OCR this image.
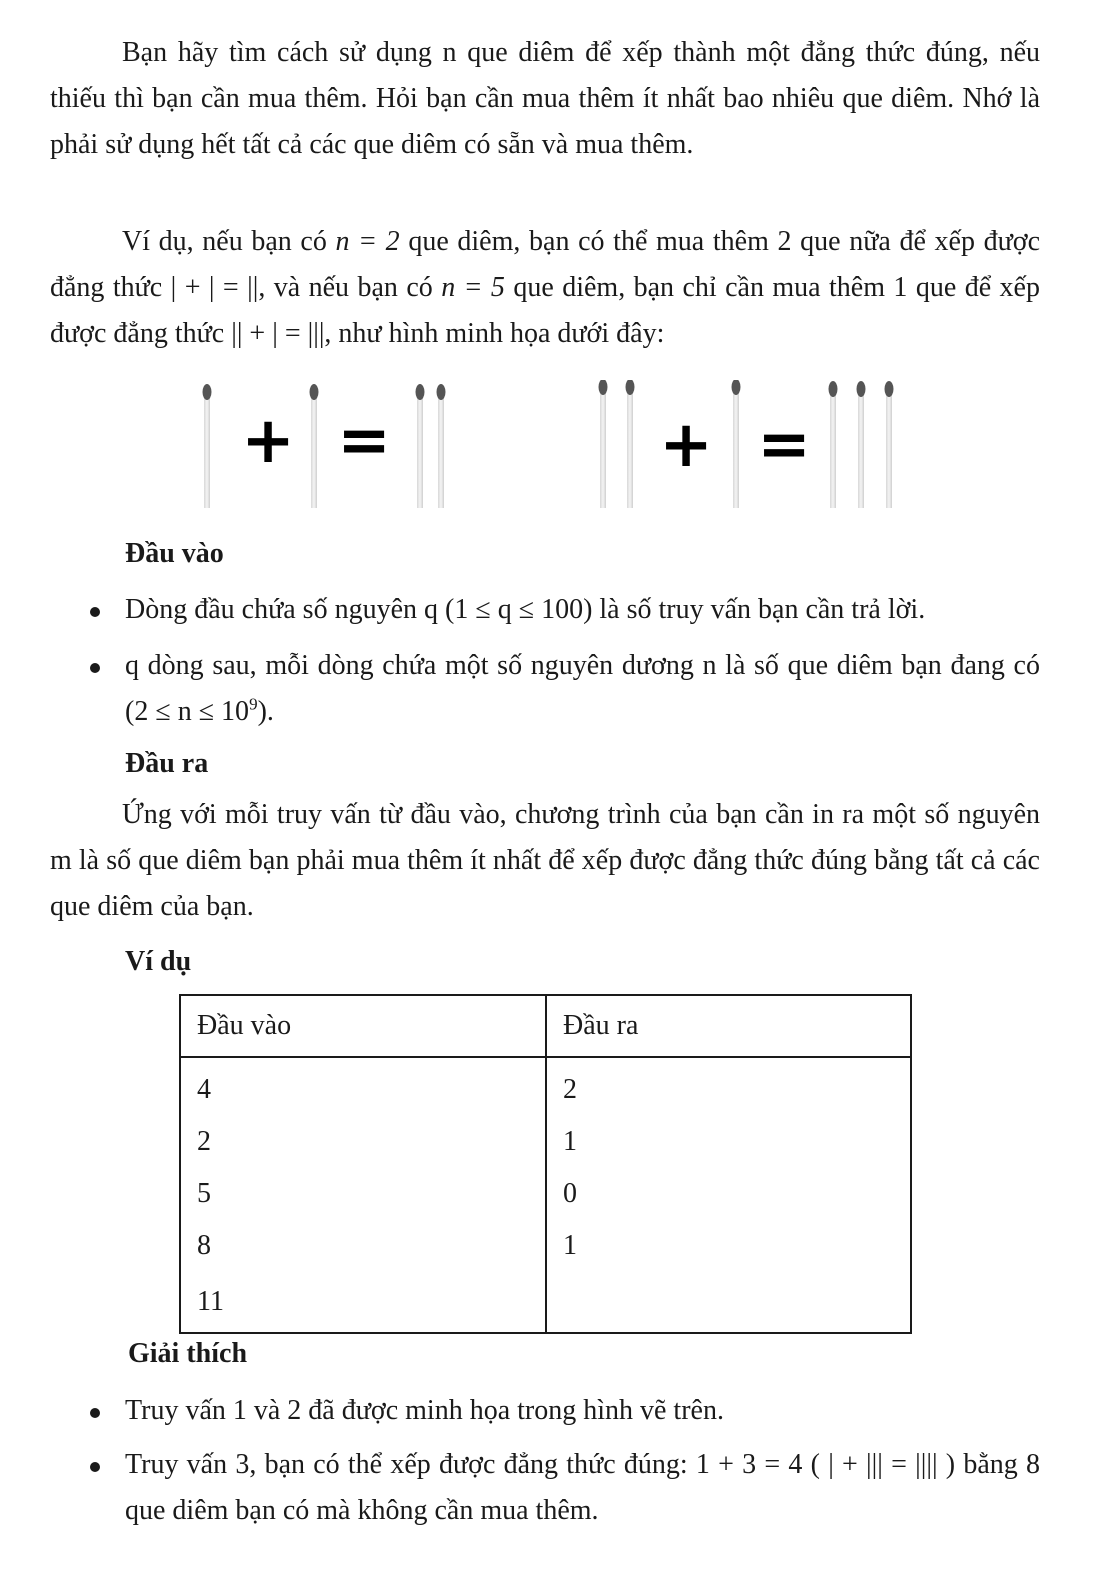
Bạn hãy tìm cách sử dụng n que diêm để xếp thành một đẳng thức đúng, nếu thiếu thì bạn cần mua thêm. Hỏi bạn cần mua thêm ít nhất bao nhiêu que diêm. Nhớ là phải sử dụng hết tất cả các que diêm có sẵn và mua thêm.

Ví dụ, nếu bạn có n = 2 que diêm, bạn có thể mua thêm 2 que nữa để xếp được đẳng thức | + | = ||, và nếu bạn có n = 5 que diêm, bạn chỉ cần mua thêm 1 que để xếp được đẳng thức || + | = |||, như hình minh họa dưới đây:

+ =	+ =
Đầu vào
Dòng đầu chứa số nguyên q (1 ≤ q ≤ 100) là số truy vấn bạn cần trả lời.
q dòng sau, mỗi dòng chứa một số nguyên dương n là số que diêm bạn đang có $(2 \le n \le 10^9)$.
Đầu ra

Ứng với mỗi truy vấn từ đầu vào, chương trình của bạn cần in ra một số nguyên m là số que diêm bạn phải mua thêm ít nhất để xếp được đẳng thức đúng bằng tất cả các que diêm của bạn.

Ví dụ
Đầu vào	Đầu ra
4	2
2	1
5	0
8	1
11	
Giải thích
Truy vấn 1 và 2 đã được minh họa trong hình vẽ trên.
Truy vấn 3, bạn có thể xếp được đẳng thức đúng: 1 + 3 = 4 ( | + ||| = |||| ) bằng 8 que diêm bạn có mà không cần mua thêm.
